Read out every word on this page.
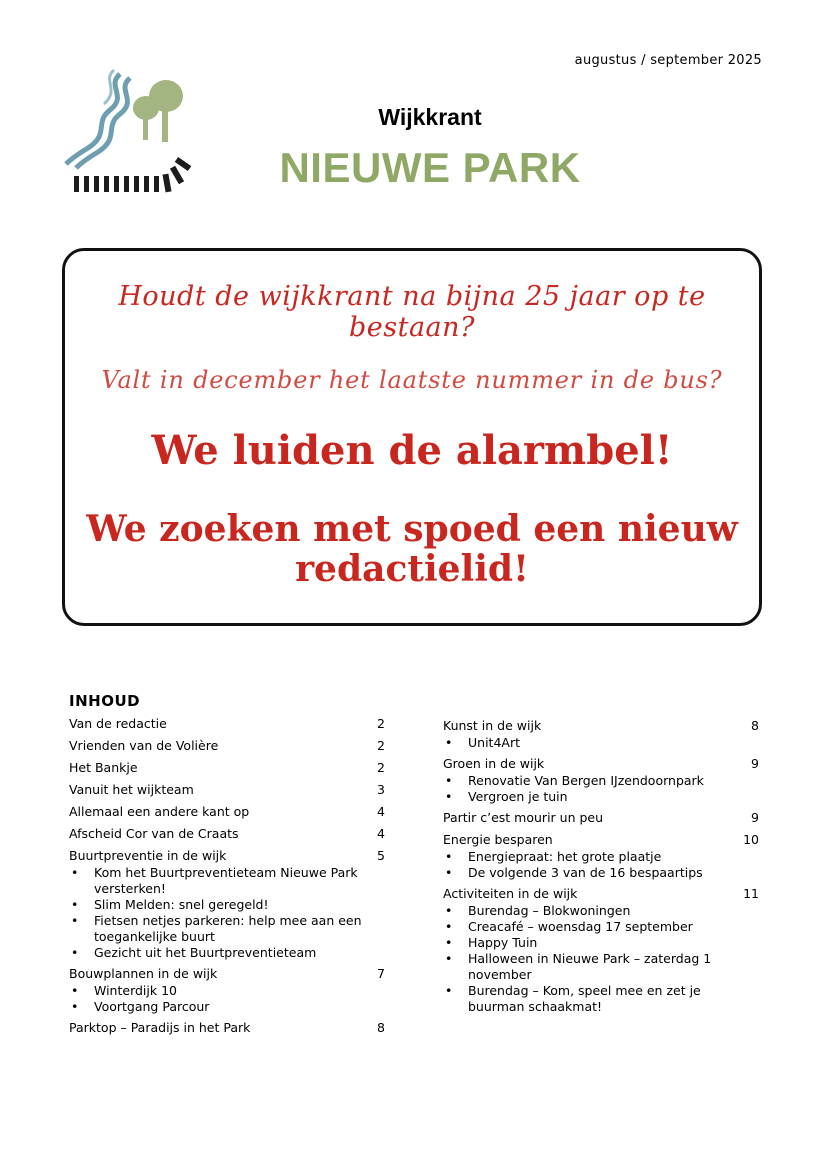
augustus / september 2025
Wijkkrant
NIEUWE PARK
Houdt de wijkkrant na bijna 25 jaar op te bestaan?
Valt in december het laatste nummer in de bus?
We luiden de alarmbel!
We zoeken met spoed een nieuw redactielid!
INHOUD
Van de redactie	2
Vrienden van de Volière	2
Het Bankje	2
Vanuit het wijkteam	3
Allemaal een andere kant op	4
Afscheid Cor van de Craats	4
Buurtpreventie in de wijk	5
• Kom het Buurtpreventieteam Nieuwe Park versterken!
• Slim Melden: snel geregeld!
• Fietsen netjes parkeren: help mee aan een toegankelijke buurt
• Gezicht uit het Buurtpreventieteam
Bouwplannen in de wijk	7
• Winterdijk 10
• Voortgang Parcour
Parktop – Paradijs in het Park	8
Kunst in de wijk	8
• Unit4Art
Groen in de wijk	9
• Renovatie Van Bergen IJzendoornpark
• Vergroen je tuin
Partir c’est mourir un peu	9
Energie besparen	10
• Energiepraat: het grote plaatje
• De volgende 3 van de 16 bespaartips
Activiteiten in de wijk	11
• Burendag – Blokwoningen
• Creacafé – woensdag 17 september
• Happy Tuin
• Halloween in Nieuwe Park – zaterdag 1 november
• Burendag – Kom, speel mee en zet je buurman schaakmat!
